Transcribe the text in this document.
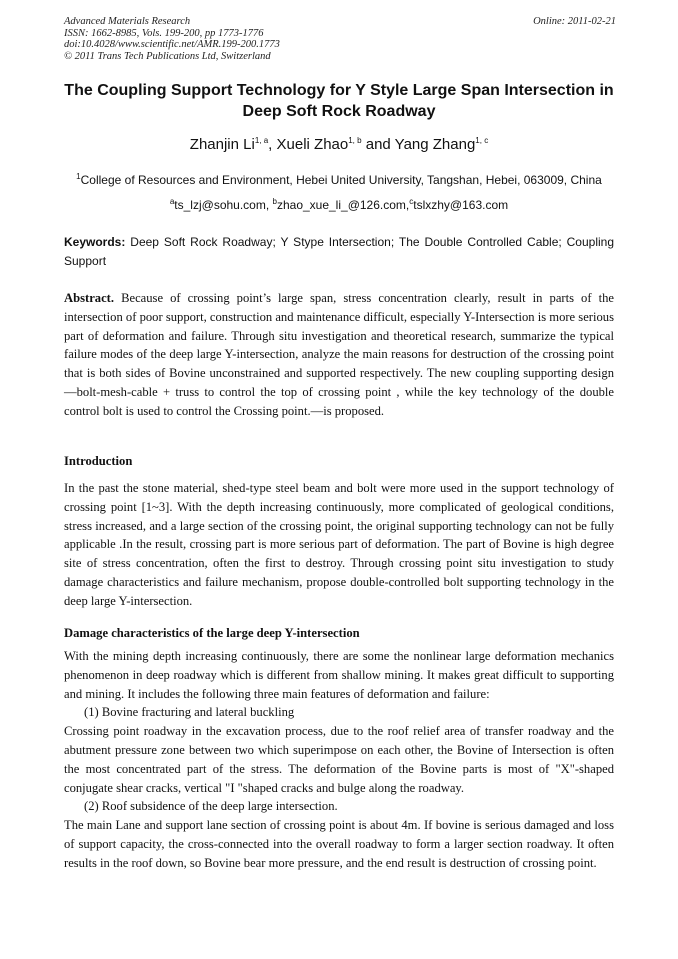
Advanced Materials Research
ISSN: 1662-8985, Vols. 199-200, pp 1773-1776
doi:10.4028/www.scientific.net/AMR.199-200.1773
© 2011 Trans Tech Publications Ltd, Switzerland
Online: 2011-02-21
The Coupling Support Technology for Y Style Large Span Intersection in Deep Soft Rock Roadway
Zhanjin Li$^{1, a}$, Xueli Zhao$^{1, b}$ and Yang Zhang$^{1, c}$
$^1$College of Resources and Environment, Hebei United University, Tangshan, Hebei, 063009, China
$^a$ts_lzj@sohu.com, $^b$zhao_xue_li_@126.com,$^c$tslxzhy@163.com
Keywords: Deep Soft Rock Roadway; Y Stype Intersection; The Double Controlled Cable; Coupling Support

Abstract. Because of crossing point’s large span, stress concentration clearly, result in parts of the intersection of poor support, construction and maintenance difficult, especially Y-Intersection is more serious part of deformation and failure. Through situ investigation and theoretical research, summarize the typical failure modes of the deep large Y-intersection, analyze the main reasons for destruction of the crossing point that is both sides of Bovine unconstrained and supported respectively. The new coupling supporting design—bolt-mesh-cable + truss to control the top of crossing point , while the key technology of the double control bolt is used to control the Crossing point.—is proposed.

Introduction

In the past the stone material, shed-type steel beam and bolt were more used in the support technology of crossing point [1~3]. With the depth increasing continuously, more complicated of geological conditions, stress increased, and a large section of the crossing point, the original supporting technology can not be fully applicable .In the result, crossing part is more serious part of deformation. The part of Bovine is high degree site of stress concentration, often the first to destroy. Through crossing point situ investigation to study damage characteristics and failure mechanism, propose double-controlled bolt supporting technology in the deep large Y-intersection.

Damage characteristics of the large deep Y-intersection

With the mining depth increasing continuously, there are some the nonlinear large deformation mechanics phenomenon in deep roadway which is different from shallow mining. It makes great difficult to supporting and mining. It includes the following three main features of deformation and failure:

(1) Bovine fracturing and lateral buckling

Crossing point roadway in the excavation process, due to the roof relief area of transfer roadway and the abutment pressure zone between two which superimpose on each other, the Bovine of Intersection is often the most concentrated part of the stress. The deformation of the Bovine parts is most of "X"-shaped conjugate shear cracks, vertical "I "shaped cracks and bulge along the roadway.

(2) Roof subsidence of the deep large intersection.

The main Lane and support lane section of crossing point is about 4m. If bovine is serious damaged and loss of support capacity, the cross-connected into the overall roadway to form a larger section roadway. It often results in the roof down, so Bovine bear more pressure, and the end result is destruction of crossing point.
